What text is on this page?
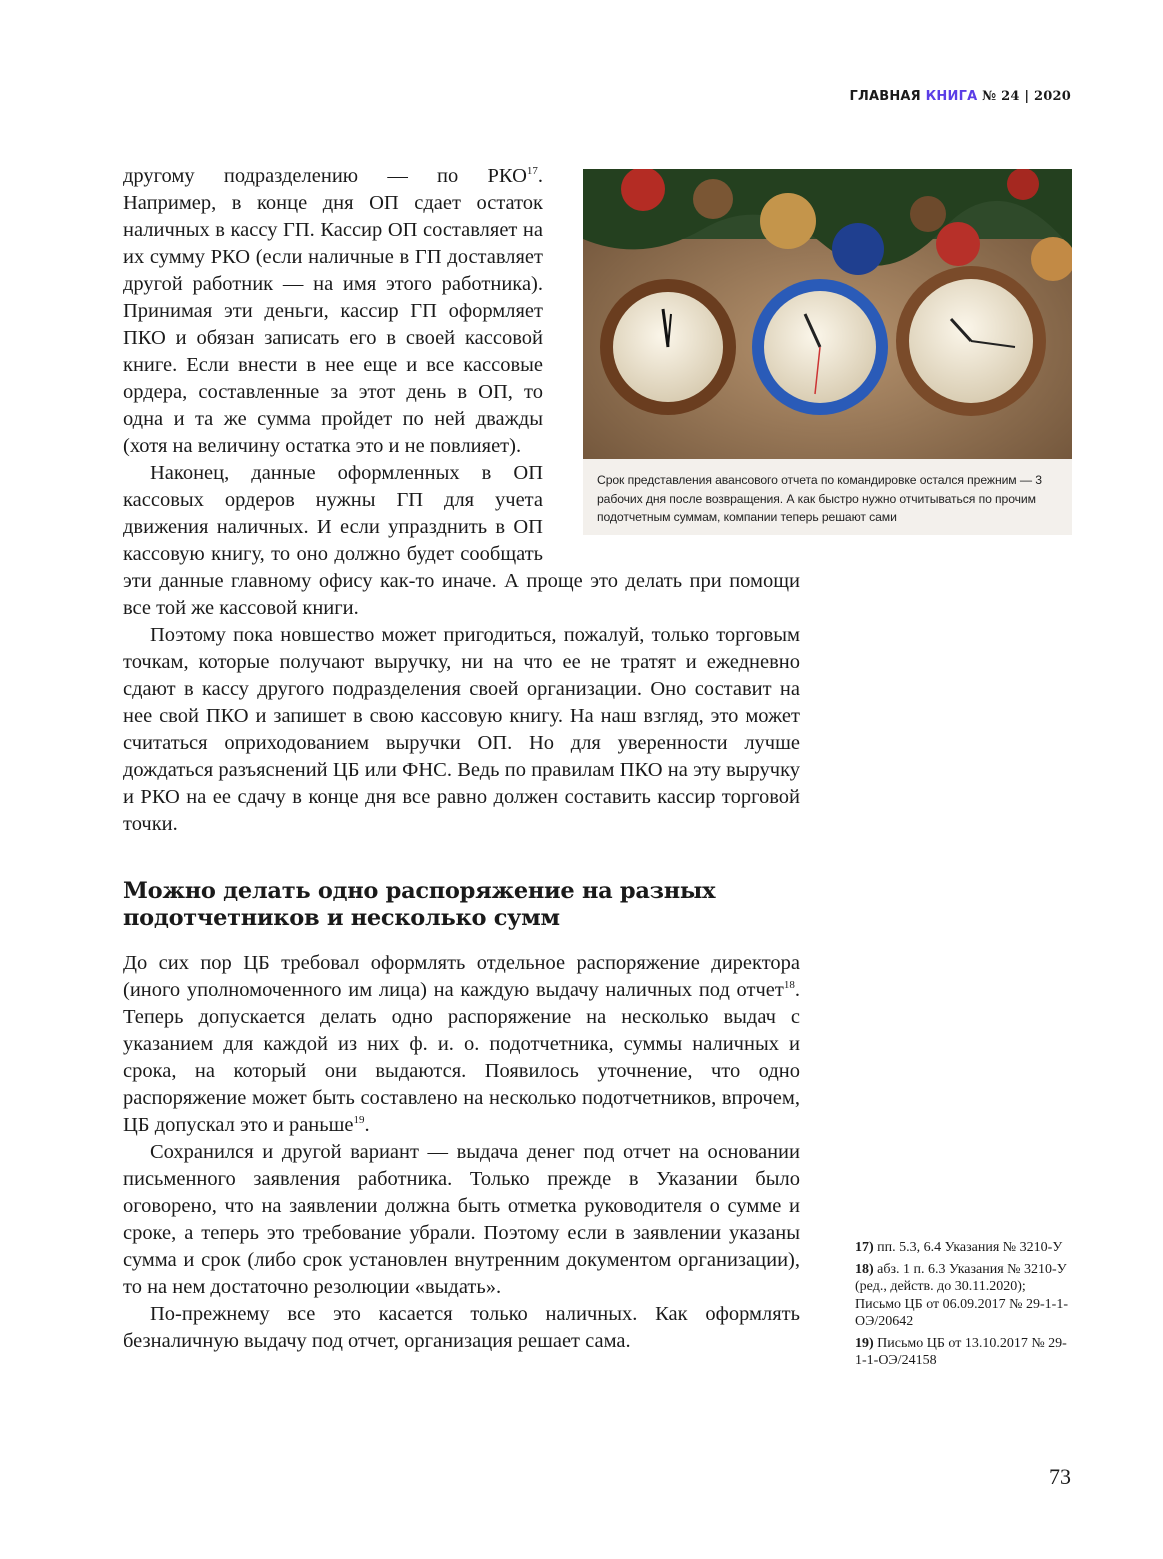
ГЛАВНАЯ КНИГА № 24 | 2020
Срок представления авансового отчета по командировке остался прежним — 3 рабочих дня после возвращения. А как быстро нужно отчитываться по прочим подотчетным суммам, компании теперь решают сами

другому подразделению — по РКО$^{17}$. Например, в конце дня ОП сдает остаток наличных в кассу ГП. Кассир ОП составляет на их сумму РКО (если наличные в ГП доставляет другой работник — на имя этого работника). Принимая эти деньги, кассир ГП оформляет ПКО и обязан записать его в своей кассовой книге. Если внести в нее еще и все кассовые ордера, составленные за этот день в ОП, то одна и та же сумма пройдет по ней дважды (хотя на величину остатка это и не повлияет).

Наконец, данные оформленных в ОП кассовых ордеров нужны ГП для учета движения наличных. И если упразднить в ОП кассовую книгу, то оно должно будет сообщать эти данные главному офису как-то иначе. А проще это делать при помощи все той же кассовой книги.

Поэтому пока новшество может пригодиться, пожалуй, только торговым точкам, которые получают выручку, ни на что ее не тратят и ежедневно сдают в кассу другого подразделения своей организации. Оно составит на нее свой ПКО и запишет в свою кассовую книгу. На наш взгляд, это может считаться оприходованием выручки ОП. Но для уверенности лучше дождаться разъяснений ЦБ или ФНС. Ведь по правилам ПКО на эту выручку и РКО на ее сдачу в конце дня все равно должен составить кассир торговой точки.

Можно делать одно распоряжение на разных подотчетников и несколько сумм

До сих пор ЦБ требовал оформлять отдельное распоряжение директора (иного уполномоченного им лица) на каждую выдачу наличных под отчет$^{18}$. Теперь допускается делать одно распоряжение на несколько выдач с указанием для каждой из них ф. и. о. подотчетника, суммы наличных и срока, на который они выдаются. Появилось уточнение, что одно распоряжение может быть составлено на несколько подотчетников, впрочем, ЦБ допускал это и раньше$^{19}$.

Сохранился и другой вариант — выдача денег под отчет на основании письменного заявления работника. Только прежде в Указании было оговорено, что на заявлении должна быть отметка руководителя о сумме и сроке, а теперь это требование убрали. Поэтому если в заявлении указаны сумма и срок (либо срок установлен внутренним документом организации), то на нем достаточно резолюции «выдать».

По-прежнему все это касается только наличных. Как оформлять безналичную выдачу под отчет, организация решает сама.

17) пп. 5.3, 6.4 Указания № 3210-У
18) абз. 1 п. 6.3 Указания № 3210-У (ред., действ. до 30.11.2020); Письмо ЦБ от 06.09.2017 № 29-1-1-ОЭ/20642
19) Письмо ЦБ от 13.10.2017 № 29-1-1-ОЭ/24158
73
